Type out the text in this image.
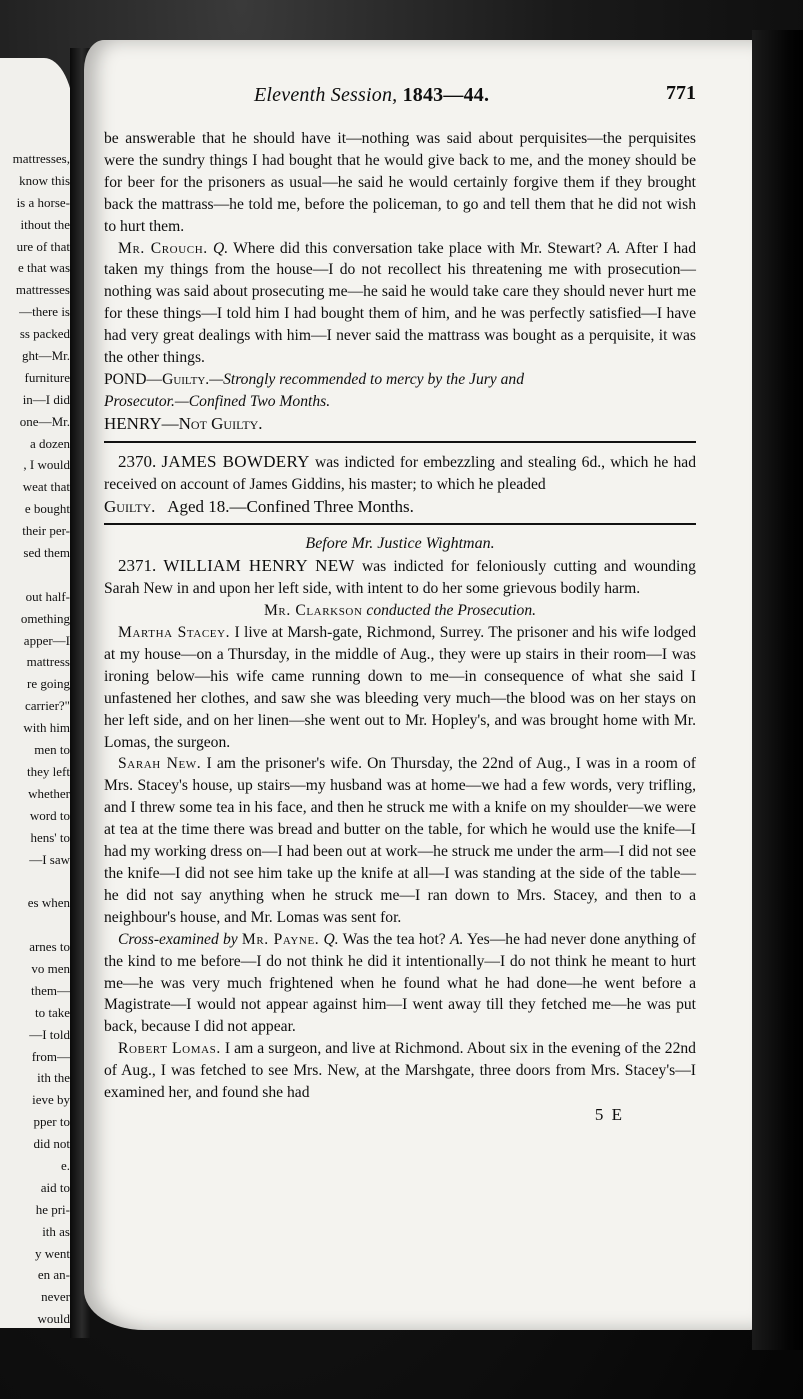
mattresses,
know this
is a horse-
ithout the
ure of that
e that was
mattresses
—there is
ss packed
ght—Mr.
furniture
in—I did
one—Mr.
a dozen
, I would
weat that
e bought
their per-
sed them
out half-
omething
apper—I
mattress
re going
carrier?"
with him
men to
they left
whether
word to
hens' to
—I saw
es when
arnes to
vo men
them—
to take
—I told
from—
ith the
ieve by
pper to
did not
e.
aid to
he pri-
ith as
y went
en an-
never
would
Eleventh Session, 1843—44.	771

be answerable that he should have it—nothing was said about perquisites—the perquisites were the sundry things I had bought that he would give back to me, and the money should be for beer for the prisoners as usual—he said he would certainly forgive them if they brought back the mattrass—he told me, before the policeman, to go and tell them that he did not wish to hurt them.

Mr. Crouch. Q. Where did this conversation take place with Mr. Stewart? A. After I had taken my things from the house—I do not recollect his threatening me with prosecution—nothing was said about prosecuting me—he said he would take care they should never hurt me for these things—I told him I had bought them of him, and he was perfectly satisfied—I have had very great dealings with him—I never said the mattrass was bought as a perquisite, it was the other things.

POND—Guilty.—Strongly recommended to mercy by the Jury and

Prosecutor.—Confined Two Months.

HENRY—Not Guilty.

2370. JAMES BOWDERY was indicted for embezzling and stealing 6d., which he had received on account of James Giddins, his master; to which he pleaded

Guilty. Aged 18.—Confined Three Months.

Before Mr. Justice Wightman.

2371. WILLIAM HENRY NEW was indicted for feloniously cutting and wounding Sarah New in and upon her left side, with intent to do her some grievous bodily harm.

Mr. Clarkson conducted the Prosecution.

Martha Stacey. I live at Marsh-gate, Richmond, Surrey. The prisoner and his wife lodged at my house—on a Thursday, in the middle of Aug., they were up stairs in their room—I was ironing below—his wife came running down to me—in consequence of what she said I unfastened her clothes, and saw she was bleeding very much—the blood was on her stays on her left side, and on her linen—she went out to Mr. Hopley's, and was brought home with Mr. Lomas, the surgeon.

Sarah New. I am the prisoner's wife. On Thursday, the 22nd of Aug., I was in a room of Mrs. Stacey's house, up stairs—my husband was at home—we had a few words, very trifling, and I threw some tea in his face, and then he struck me with a knife on my shoulder—we were at tea at the time there was bread and butter on the table, for which he would use the knife—I had my working dress on—I had been out at work—he struck me under the arm—I did not see the knife—I did not see him take up the knife at all—I was standing at the side of the table—he did not say anything when he struck me—I ran down to Mrs. Stacey, and then to a neighbour's house, and Mr. Lomas was sent for.

Cross-examined by Mr. Payne. Q. Was the tea hot? A. Yes—he had never done anything of the kind to me before—I do not think he did it intentionally—I do not think he meant to hurt me—he was very much frightened when he found what he had done—he went before a Magistrate—I would not appear against him—I went away till they fetched me—he was put back, because I did not appear.

Robert Lomas. I am a surgeon, and live at Richmond. About six in the evening of the 22nd of Aug., I was fetched to see Mrs. New, at the Marshgate, three doors from Mrs. Stacey's—I examined her, and found she had

5 E
